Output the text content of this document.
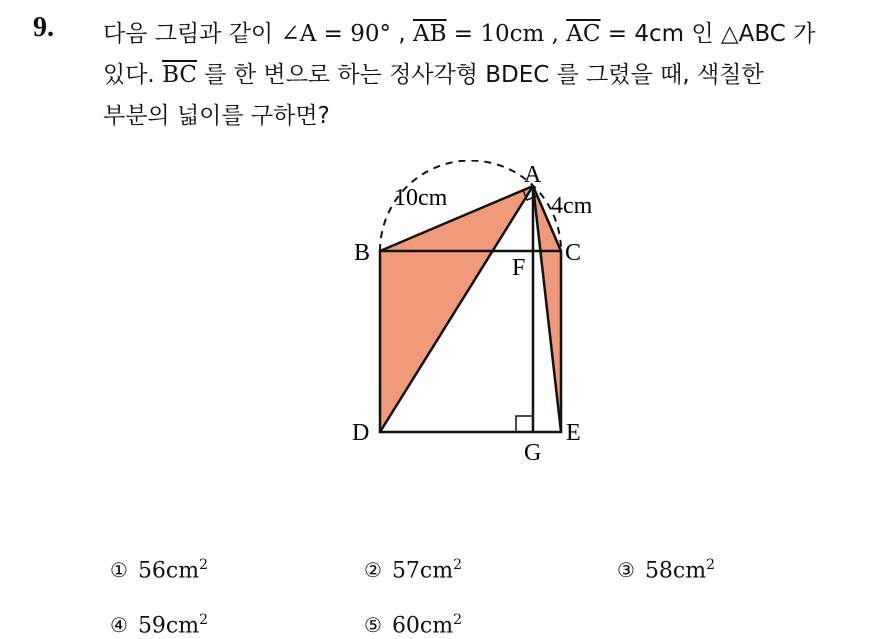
9. 다음 그림과 같이 ∠A = 90° , $\overline{AB} = 10cm$ , $\overline{AC} = 4cm$ 인 △ABC 가
있다. $\overline{BC}$ 를 한 변으로 하는 정사각형 BDEC 를 그렸을 때, 색칠한
부분의 넓이를 구하면?
A
B	C
D	E
F
G
10cm	4cm
① $56cm^2$	② $57cm^2$	③ $58cm^2$
④ $59cm^2$	⑤ $60cm^2$
